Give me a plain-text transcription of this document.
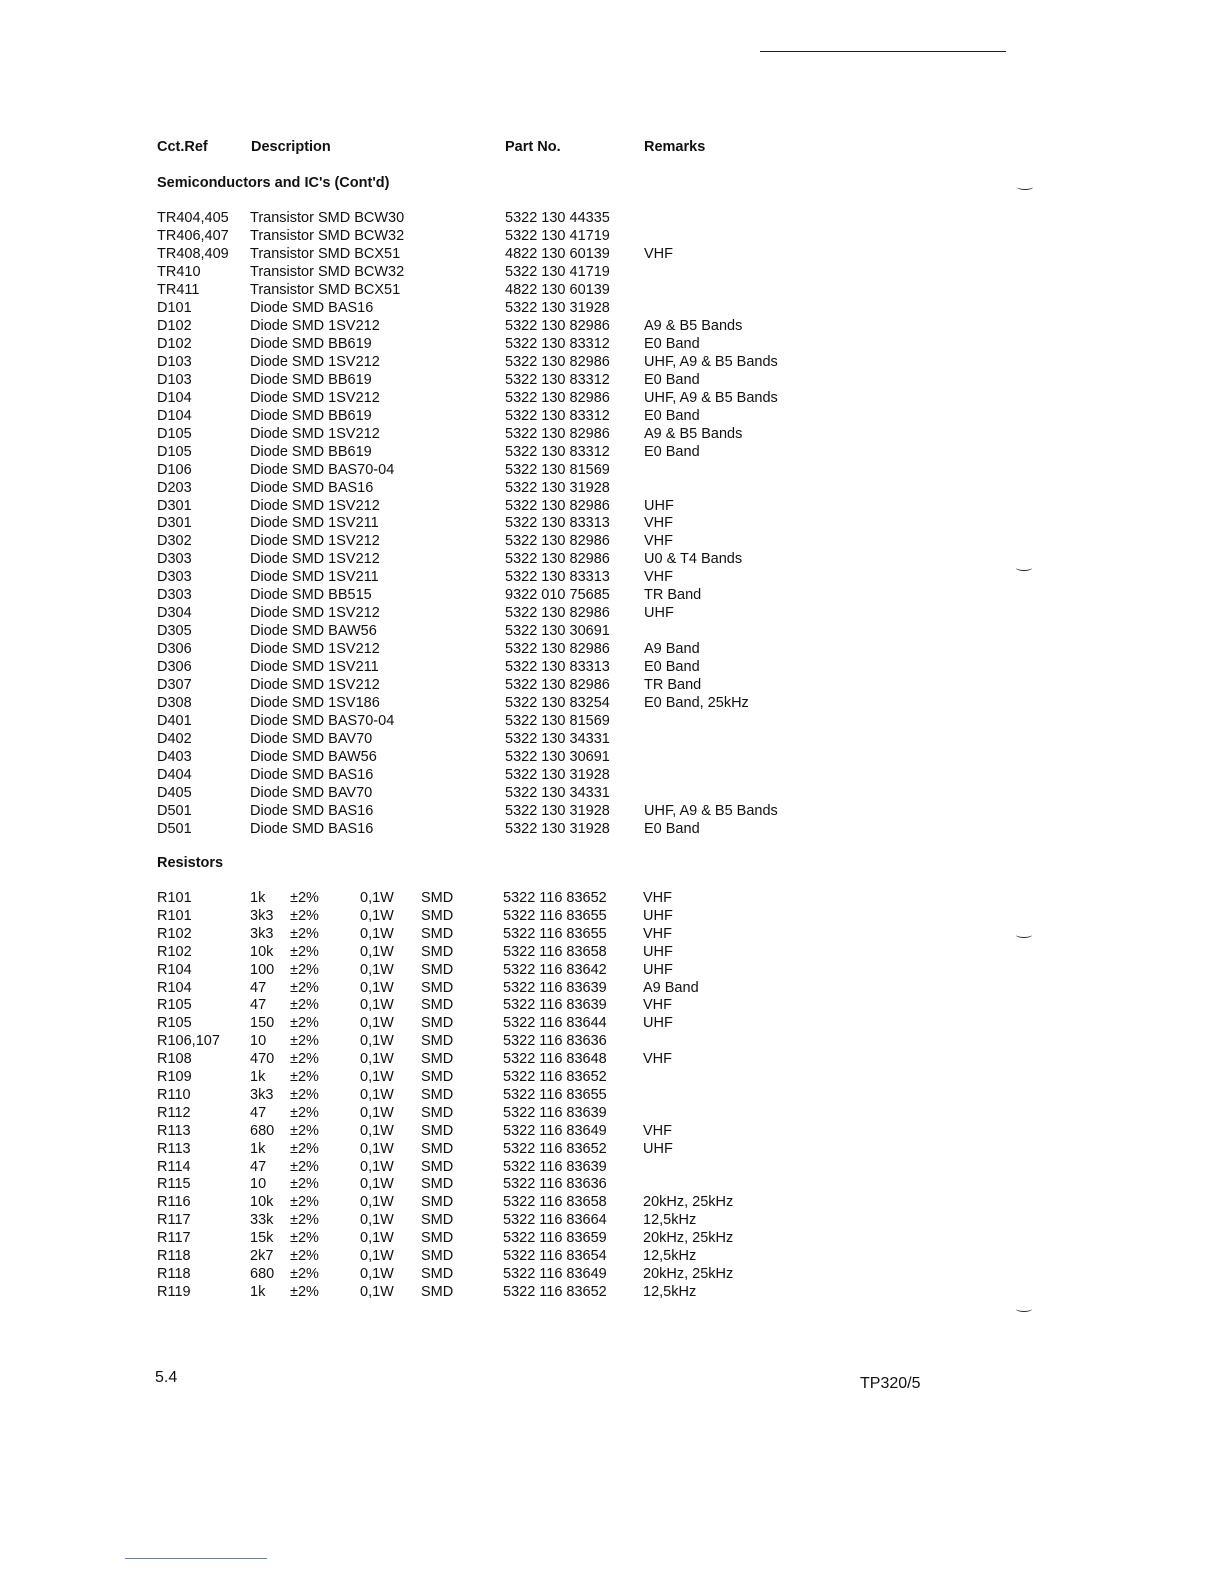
Cct.Ref	Description	Part No.	Remarks
Semiconductors and IC's (Cont'd)
TR404,405 Transistor SMD BCW30	5322 130 44335
TR406,407 Transistor SMD BCW32	5322 130 41719
TR408,409 Transistor SMD BCX51	4822 130 60139 VHF
TR410	Transistor SMD BCW32	5322 130 41719
TR411	Transistor SMD BCX51	4822 130 60139
D101	Diode SMD BAS16	5322 130 31928
D102	Diode SMD 1SV212	5322 130 82986 A9 & B5 Bands
D102	Diode SMD BB619	5322 130 83312 E0 Band
D103	Diode SMD 1SV212	5322 130 82986 UHF, A9 & B5 Bands
D103	Diode SMD BB619	5322 130 83312 E0 Band
D104	Diode SMD 1SV212	5322 130 82986 UHF, A9 & B5 Bands
D104	Diode SMD BB619	5322 130 83312 E0 Band
D105	Diode SMD 1SV212	5322 130 82986 A9 & B5 Bands
D105	Diode SMD BB619	5322 130 83312 E0 Band
D106	Diode SMD BAS70-04	5322 130 81569
D203	Diode SMD BAS16	5322 130 31928
D301	Diode SMD 1SV212	5322 130 82986 UHF
D301	Diode SMD 1SV211	5322 130 83313 VHF
D302	Diode SMD 1SV212	5322 130 82986 VHF
D303	Diode SMD 1SV212	5322 130 82986 U0 & T4 Bands
D303	Diode SMD 1SV211	5322 130 83313 VHF
D303	Diode SMD BB515	9322 010 75685 TR Band
D304	Diode SMD 1SV212	5322 130 82986 UHF
D305	Diode SMD BAW56	5322 130 30691
D306	Diode SMD 1SV212	5322 130 82986 A9 Band
D306	Diode SMD 1SV211	5322 130 83313 E0 Band
D307	Diode SMD 1SV212	5322 130 82986 TR Band
D308	Diode SMD 1SV186	5322 130 83254 E0 Band, 25kHz
D401	Diode SMD BAS70-04	5322 130 81569
D402	Diode SMD BAV70	5322 130 34331
D403	Diode SMD BAW56	5322 130 30691
D404	Diode SMD BAS16	5322 130 31928
D405	Diode SMD BAV70	5322 130 34331
D501	Diode SMD BAS16	5322 130 31928 UHF, A9 & B5 Bands
D501	Diode SMD BAS16	5322 130 31928 E0 Band
Resistors
R101	1k ±2%	0,1W SMD	5322 116 83652 VHF
R101	3k3 ±2%	0,1W SMD	5322 116 83655 UHF
R102	3k3 ±2%	0,1W SMD	5322 116 83655 VHF
R102	10k ±2%	0,1W SMD	5322 116 83658 UHF
R104	100 ±2%	0,1W SMD	5322 116 83642 UHF
R104	47 ±2%	0,1W SMD	5322 116 83639 A9 Band
R105	47 ±2%	0,1W SMD	5322 116 83639 VHF
R105	150 ±2%	0,1W SMD	5322 116 83644 UHF
R106,107 10 ±2%	0,1W SMD	5322 116 83636
R108	470 ±2%	0,1W SMD	5322 116 83648 VHF
R109	1k ±2%	0,1W SMD	5322 116 83652
R110	3k3 ±2%	0,1W SMD	5322 116 83655
R112	47 ±2%	0,1W SMD	5322 116 83639
R113	680 ±2%	0,1W SMD	5322 116 83649 VHF
R113	1k ±2%	0,1W SMD	5322 116 83652 UHF
R114	47 ±2%	0,1W SMD	5322 116 83639
R115	10 ±2%	0,1W SMD	5322 116 83636
R116	10k ±2%	0,1W SMD	5322 116 83658 20kHz, 25kHz
R117	33k ±2%	0,1W SMD	5322 116 83664 12,5kHz
R117	15k ±2%	0,1W SMD	5322 116 83659 20kHz, 25kHz
R118	2k7 ±2%	0,1W SMD	5322 116 83654 12,5kHz
R118	680 ±2%	0,1W SMD	5322 116 83649 20kHz, 25kHz
R119	1k ±2%	0,1W SMD	5322 116 83652 12,5kHz
5.4	TP320/5
